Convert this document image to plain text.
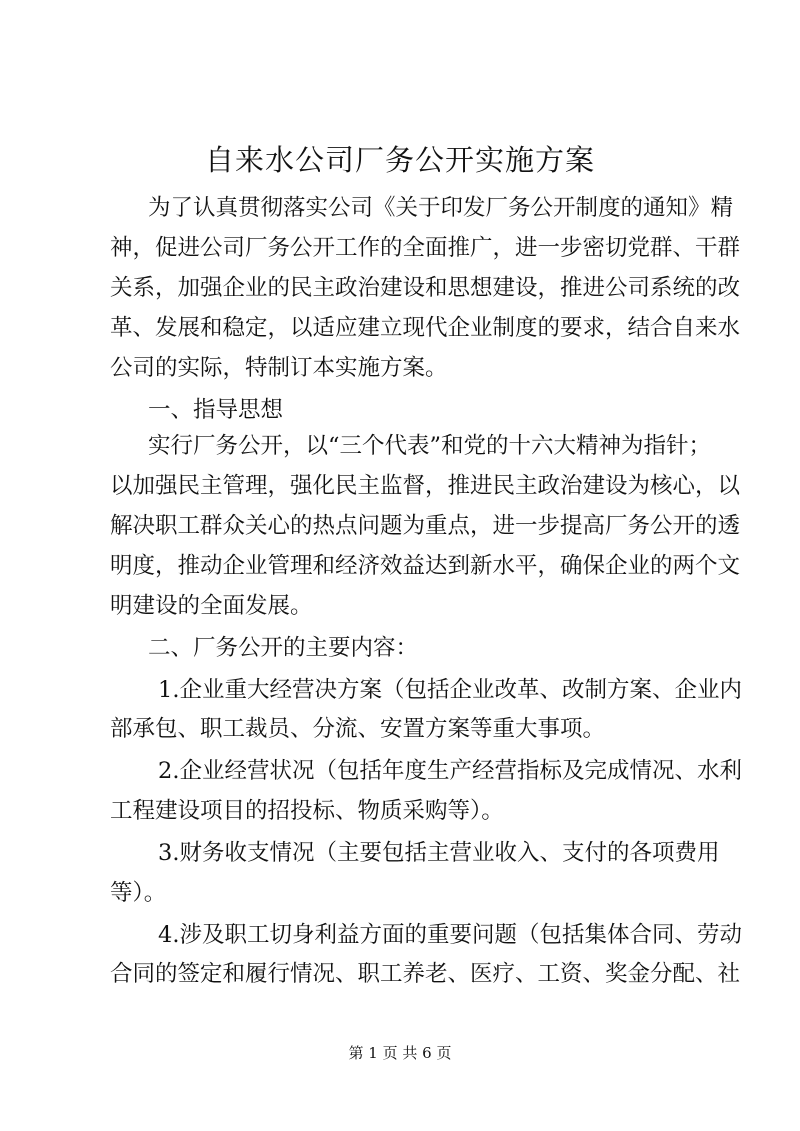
自来水公司厂务公开实施方案
为了认真贯彻落实公司《关于印发厂务公开制度的通知》精
神，促进公司厂务公开工作的全面推广，进一步密切党群、干群
关系，加强企业的民主政治建设和思想建设，推进公司系统的改
革、发展和稳定，以适应建立现代企业制度的要求，结合自来水
公司的实际，特制订本实施方案。
一、指导思想
实行厂务公开，以“三个代表”和党的十六大精神为指针；
以加强民主管理，强化民主监督，推进民主政治建设为核心，以
解决职工群众关心的热点问题为重点，进一步提高厂务公开的透
明度，推动企业管理和经济效益达到新水平，确保企业的两个文
明建设的全面发展。
二、厂务公开的主要内容：
1.企业重大经营决方案（包括企业改革、改制方案、企业内
部承包、职工裁员、分流、安置方案等重大事项。
2.企业经营状况（包括年度生产经营指标及完成情况、水利
工程建设项目的招投标、物质采购等）。
3.财务收支情况（主要包括主营业收入、支付的各项费用
等）。
4.涉及职工切身利益方面的重要问题（包括集体合同、劳动
合同的签定和履行情况、职工养老、医疗、工资、奖金分配、社
第 1 页 共 6 页
